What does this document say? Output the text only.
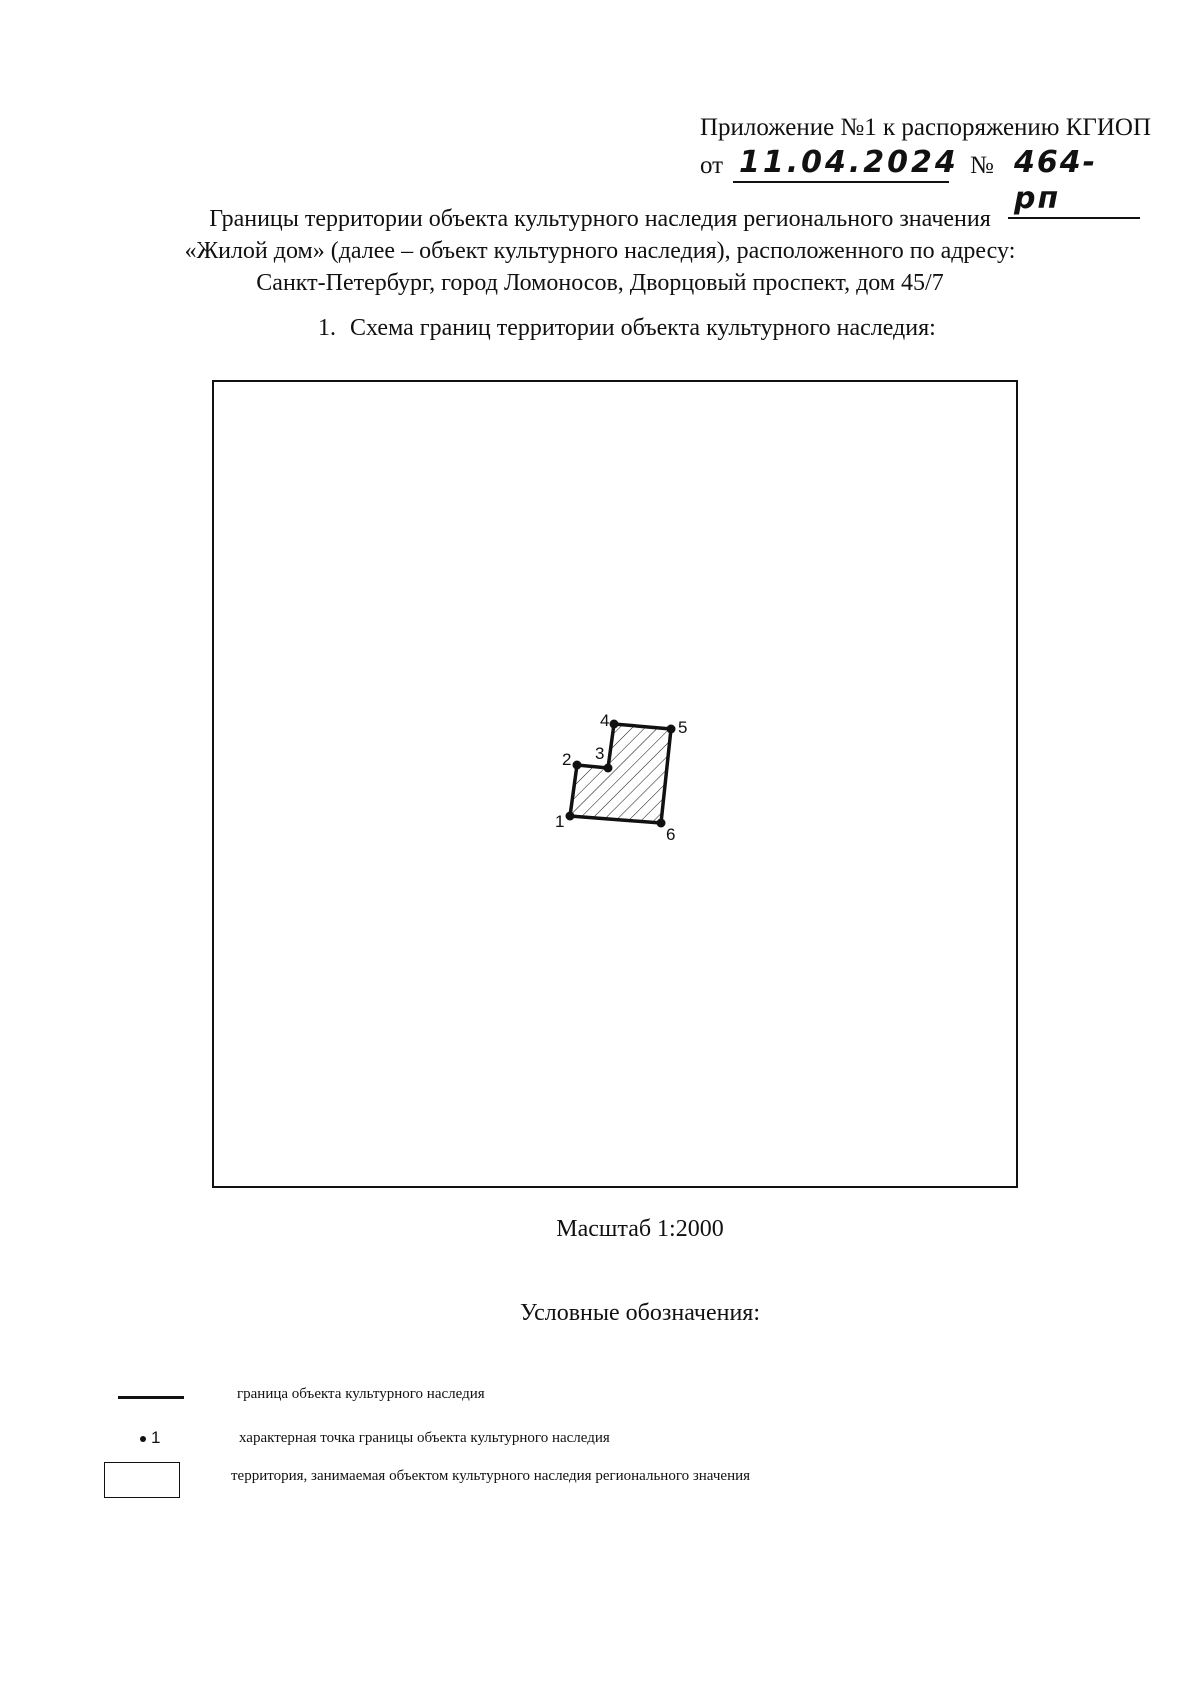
Приложение №1 к распоряжению КГИОП
от 11.04.2024 № 464-рп
Границы территории объекта культурного наследия регионального значения
«Жилой дом» (далее – объект культурного наследия), расположенного по адресу:
Санкт-Петербург, город Ломоносов, Дворцовый проспект, дом 45/7
1. Схема границ территории объекта культурного наследия:
1
2 3
4	5
6
Масштаб 1:2000
Условные обозначения:
граница объекта культурного наследия
1	характерная точка границы объекта культурного наследия
территория, занимаемая объектом культурного наследия регионального значения
